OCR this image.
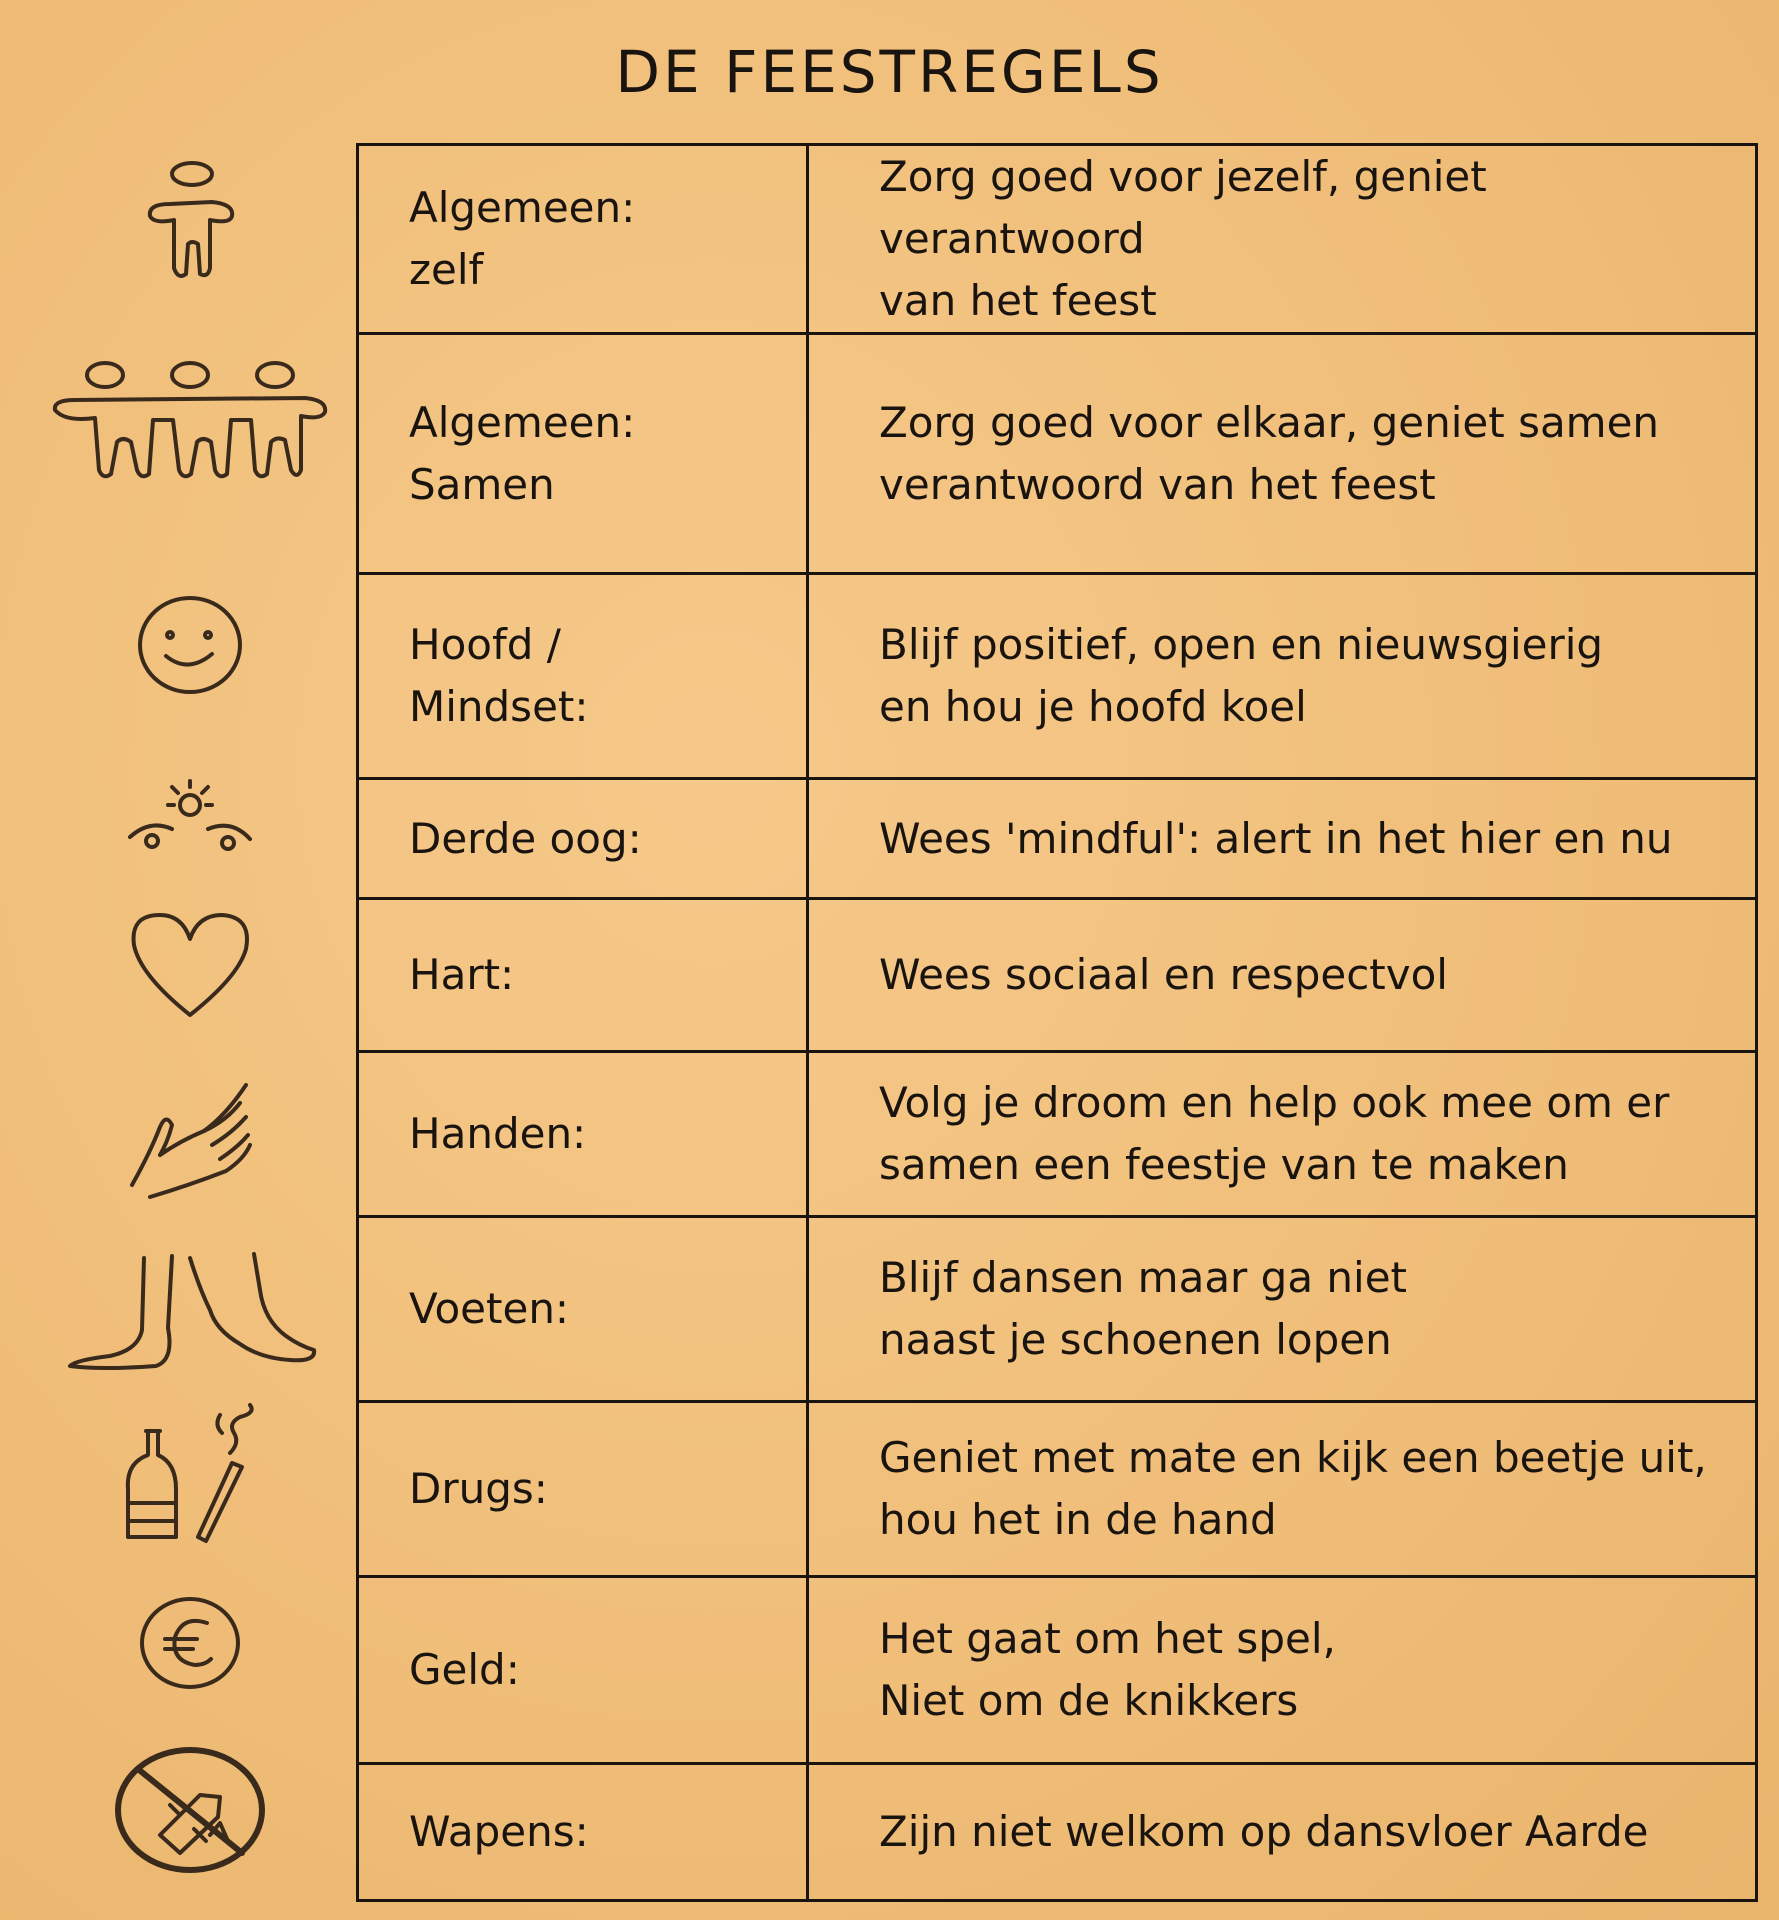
DE FEESTREGELS
Algemeen:
zelf	Zorg goed voor jezelf, geniet verantwoord
van het feest

Algemeen:
Samen	Zorg goed voor elkaar, geniet samen
verantwoord van het feest

Hoofd /
Mindset:	Blijf positief, open en nieuwsgierig
en hou je hoofd koel

Derde oog:	Wees 'mindful': alert in het hier en nu

Hart:	Wees sociaal en respectvol

Handen:	Volg je droom en help ook mee om er
samen een feestje van te maken

Voeten:	Blijf dansen maar ga niet
naast je schoenen lopen

Drugs:	Geniet met mate en kijk een beetje uit,
hou het in de hand

Geld:	Het gaat om het spel,
Niet om de knikkers

Wapens:	Zijn niet welkom op dansvloer Aarde
